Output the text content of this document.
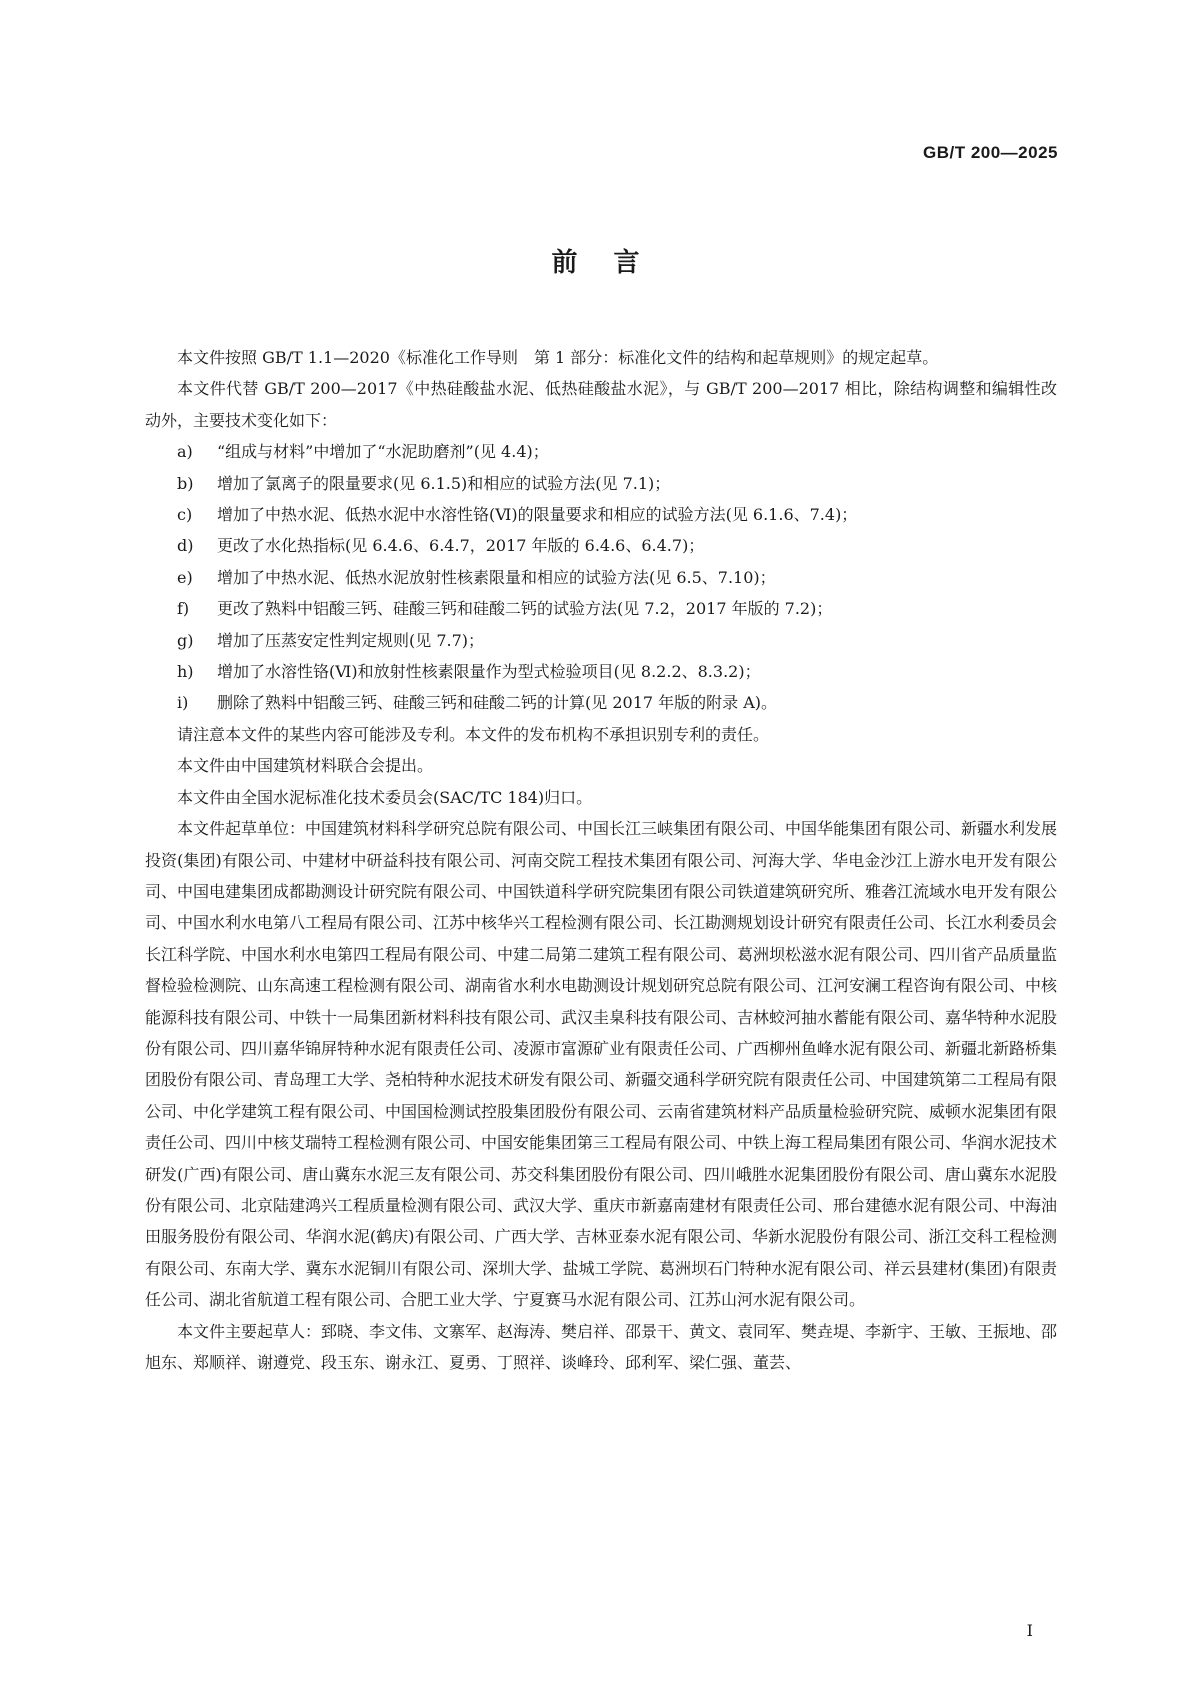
GB/T 200—2025
前言

本文件按照 GB/T 1.1—2020《标准化工作导则　第 1 部分：标准化文件的结构和起草规则》的规定起草。

本文件代替 GB/T 200—2017《中热硅酸盐水泥、低热硅酸盐水泥》，与 GB/T 200—2017 相比，除结构调整和编辑性改动外，主要技术变化如下：

a)	“组成与材料”中增加了“水泥助磨剂”(见 4.4)；
b)	增加了氯离子的限量要求(见 6.1.5)和相应的试验方法(见 7.1)；
c)	增加了中热水泥、低热水泥中水溶性铬(Ⅵ)的限量要求和相应的试验方法(见 6.1.6、7.4)；
d)	更改了水化热指标(见 6.4.6、6.4.7，2017 年版的 6.4.6、6.4.7)；
e)	增加了中热水泥、低热水泥放射性核素限量和相应的试验方法(见 6.5、7.10)；
f)	更改了熟料中铝酸三钙、硅酸三钙和硅酸二钙的试验方法(见 7.2，2017 年版的 7.2)；
g)	增加了压蒸安定性判定规则(见 7.7)；
h)	增加了水溶性铬(Ⅵ)和放射性核素限量作为型式检验项目(见 8.2.2、8.3.2)；
i)	删除了熟料中铝酸三钙、硅酸三钙和硅酸二钙的计算(见 2017 年版的附录 A)。

请注意本文件的某些内容可能涉及专利。本文件的发布机构不承担识别专利的责任。

本文件由中国建筑材料联合会提出。

本文件由全国水泥标准化技术委员会(SAC/TC 184)归口。

本文件起草单位：中国建筑材料科学研究总院有限公司、中国长江三峡集团有限公司、中国华能集团有限公司、新疆水利发展投资(集团)有限公司、中建材中研益科技有限公司、河南交院工程技术集团有限公司、河海大学、华电金沙江上游水电开发有限公司、中国电建集团成都勘测设计研究院有限公司、中国铁道科学研究院集团有限公司铁道建筑研究所、雅砻江流域水电开发有限公司、中国水利水电第八工程局有限公司、江苏中核华兴工程检测有限公司、长江勘测规划设计研究有限责任公司、长江水利委员会长江科学院、中国水利水电第四工程局有限公司、中建二局第二建筑工程有限公司、葛洲坝松滋水泥有限公司、四川省产品质量监督检验检测院、山东高速工程检测有限公司、湖南省水利水电勘测设计规划研究总院有限公司、江河安澜工程咨询有限公司、中核能源科技有限公司、中铁十一局集团新材料科技有限公司、武汉圭臬科技有限公司、吉林蛟河抽水蓄能有限公司、嘉华特种水泥股份有限公司、四川嘉华锦屏特种水泥有限责任公司、凌源市富源矿业有限责任公司、广西柳州鱼峰水泥有限公司、新疆北新路桥集团股份有限公司、青岛理工大学、尧柏特种水泥技术研发有限公司、新疆交通科学研究院有限责任公司、中国建筑第二工程局有限公司、中化学建筑工程有限公司、中国国检测试控股集团股份有限公司、云南省建筑材料产品质量检验研究院、威顿水泥集团有限责任公司、四川中核艾瑞特工程检测有限公司、中国安能集团第三工程局有限公司、中铁上海工程局集团有限公司、华润水泥技术研发(广西)有限公司、唐山冀东水泥三友有限公司、苏交科集团股份有限公司、四川峨胜水泥集团股份有限公司、唐山冀东水泥股份有限公司、北京陆建鸿兴工程质量检测有限公司、武汉大学、重庆市新嘉南建材有限责任公司、邢台建德水泥有限公司、中海油田服务股份有限公司、华润水泥(鹤庆)有限公司、广西大学、吉林亚泰水泥有限公司、华新水泥股份有限公司、浙江交科工程检测有限公司、东南大学、冀东水泥铜川有限公司、深圳大学、盐城工学院、葛洲坝石门特种水泥有限公司、祥云县建材(集团)有限责任公司、湖北省航道工程有限公司、合肥工业大学、宁夏赛马水泥有限公司、江苏山河水泥有限公司。

本文件主要起草人：郅晓、李文伟、文寨军、赵海涛、樊启祥、邵景干、黄文、袁同军、樊垚堤、李新宇、王敏、王振地、邵旭东、郑顺祥、谢遵党、段玉东、谢永江、夏勇、丁照祥、谈峰玲、邱利军、梁仁强、董芸、

I
